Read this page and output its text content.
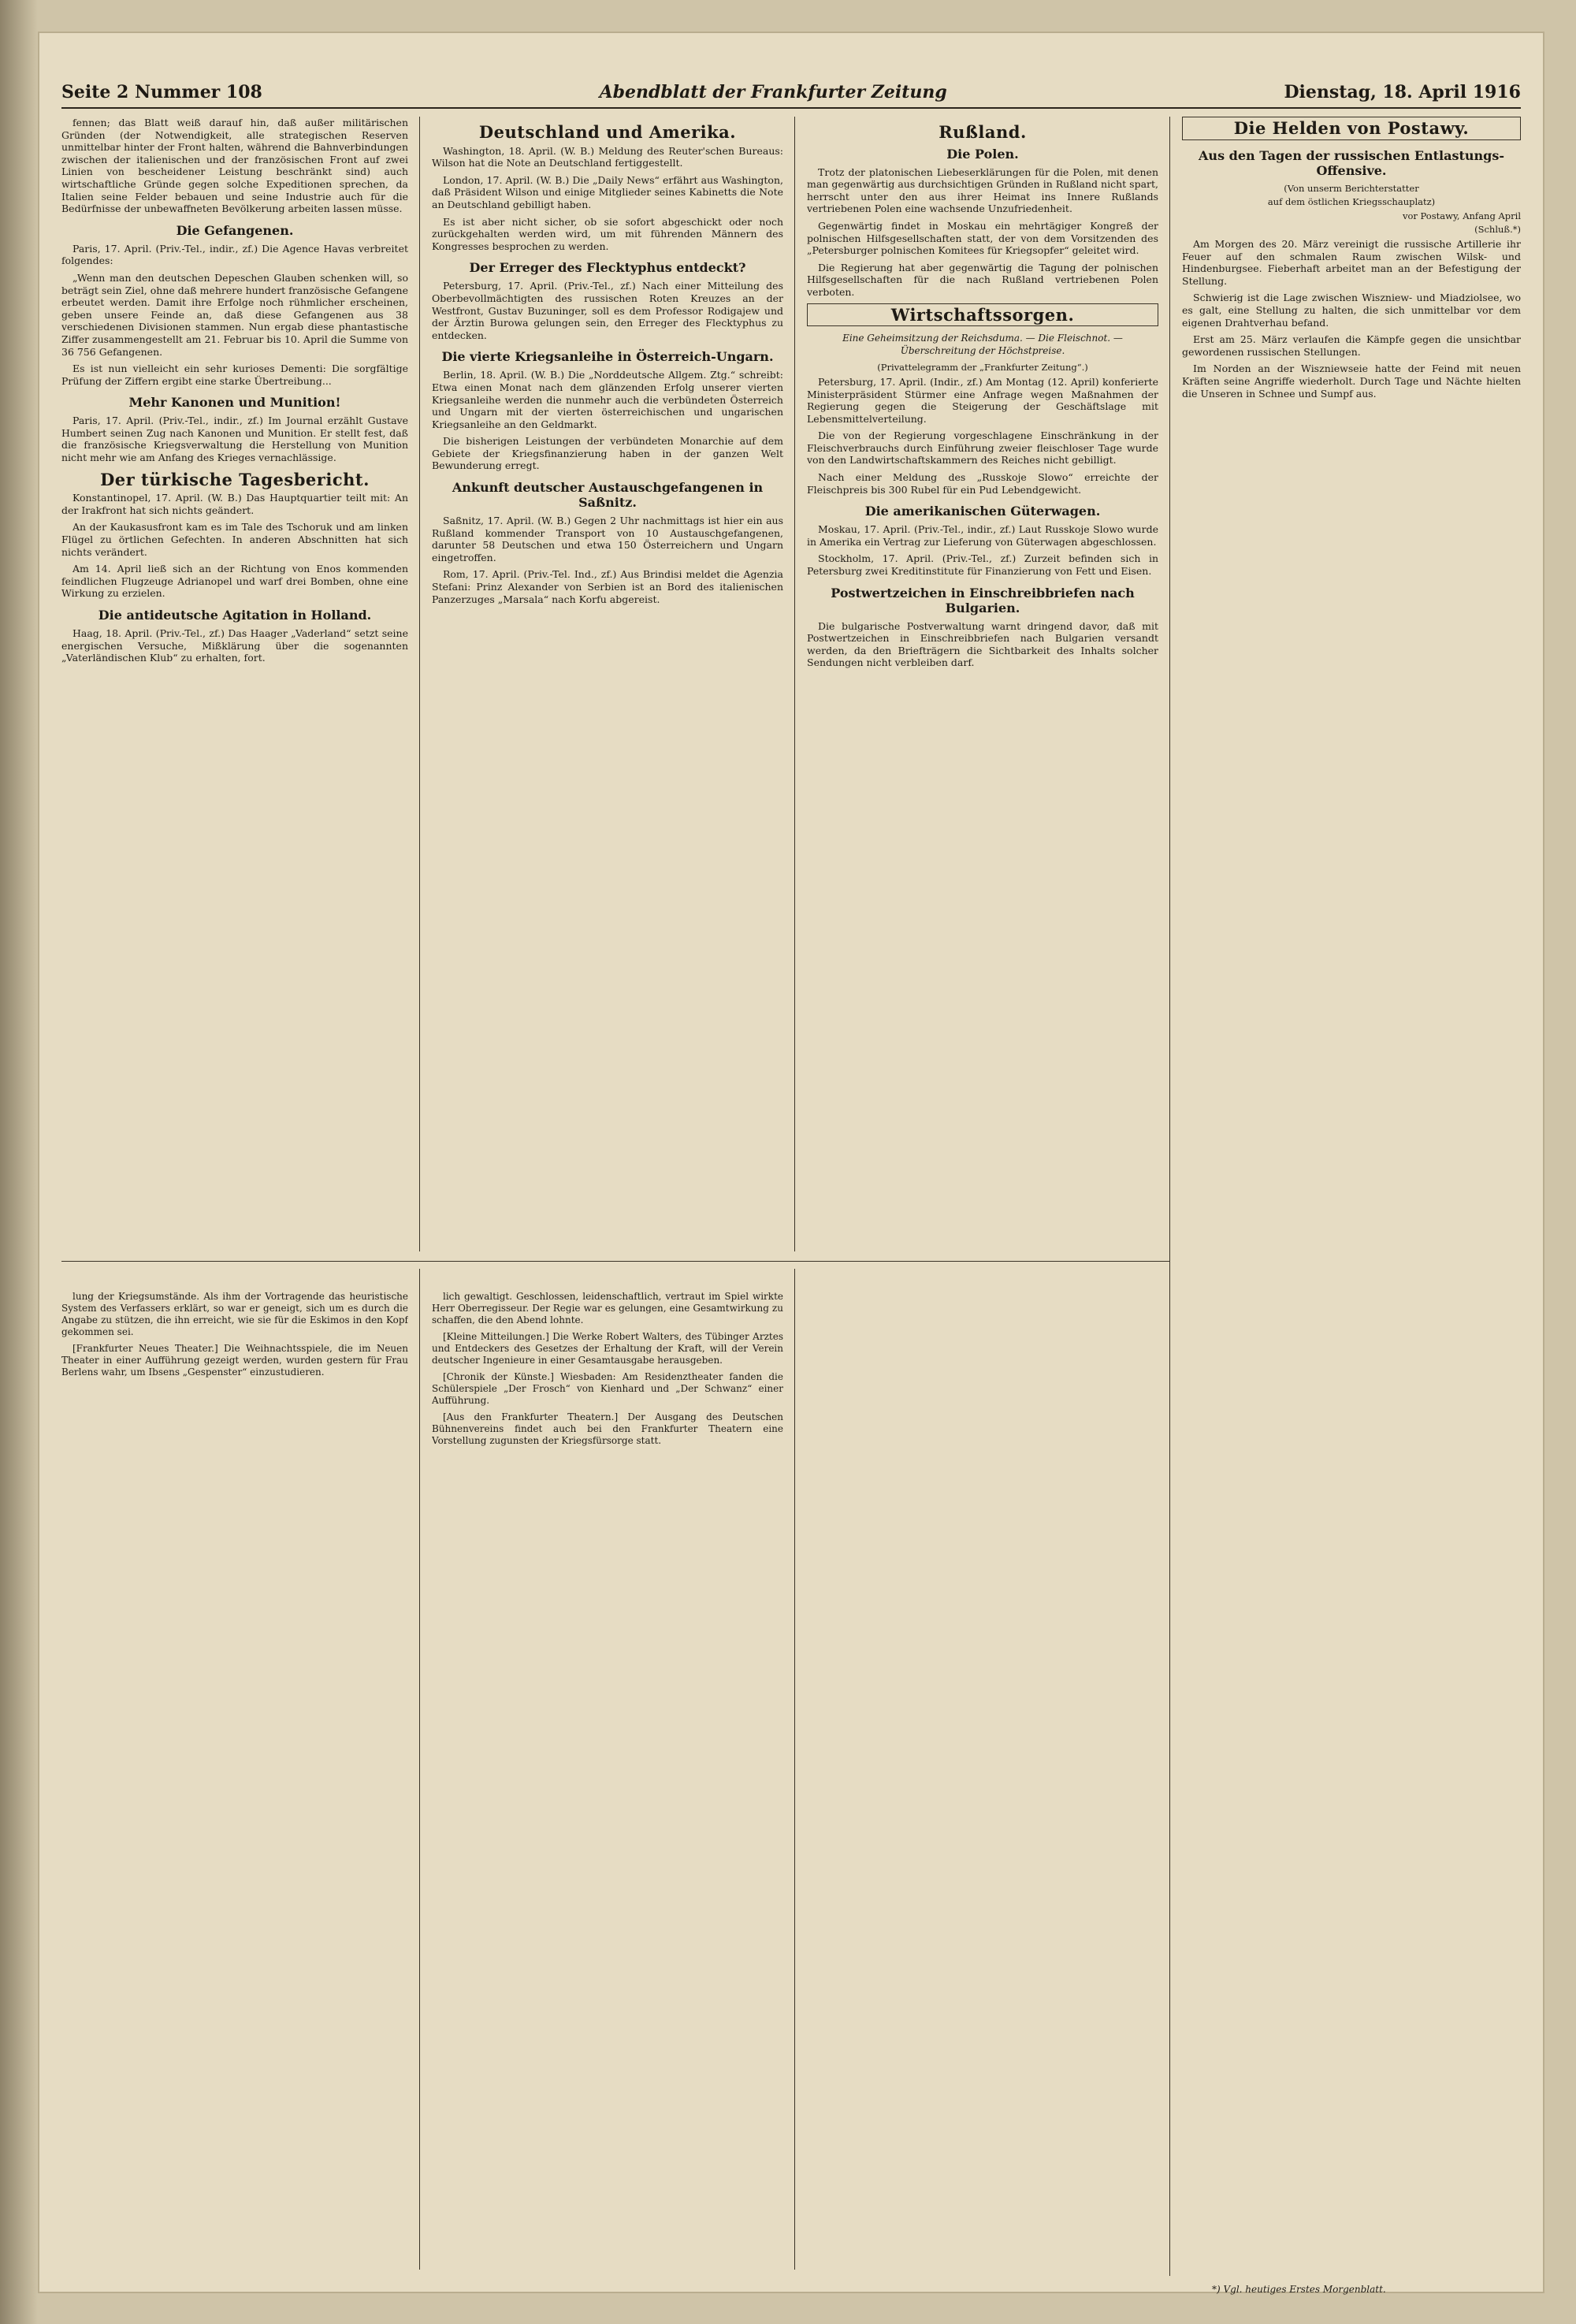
Seite 2 Nummer 108	Abendblatt der Frankfurter Zeitung	Dienstag, 18. April 1916

fennen; das Blatt weiß darauf hin, daß außer militärischen Gründen (der Notwendigkeit, alle strategischen Reserven unmittelbar hinter der Front halten, während die Bahnverbindungen zwischen der italienischen und der französischen Front auf zwei Linien von bescheidener Leistung beschränkt sind) auch wirtschaftliche Gründe gegen solche Expeditionen sprechen, da Italien seine Felder bebauen und seine Industrie auch für die Bedürfnisse der unbewaffneten Bevölkerung arbeiten lassen müsse.

Die Gefangenen.

Paris, 17. April. (Priv.-Tel., indir., zf.) Die Agence Havas verbreitet folgendes:

„Wenn man den deutschen Depeschen Glauben schenken will, so beträgt sein Ziel, ohne daß mehrere hundert französische Gefangene erbeutet werden. Damit ihre Erfolge noch rühmlicher erscheinen, geben unsere Feinde an, daß diese Gefangenen aus 38 verschiedenen Divisionen stammen. Nun ergab diese phantastische Ziffer zusammengestellt am 21. Februar bis 10. April die Summe von 36 756 Gefangenen.

Es ist nun vielleicht ein sehr kurioses Dementi: Die sorgfältige Prüfung der Ziffern ergibt eine starke Übertreibung...

Mehr Kanonen und Munition!

Paris, 17. April. (Priv.-Tel., indir., zf.) Im Journal erzählt Gustave Humbert seinen Zug nach Kanonen und Munition. Er stellt fest, daß die französische Kriegsverwaltung die Herstellung von Munition nicht mehr wie am Anfang des Krieges vernachlässige.

Der türkische Tagesbericht.

Konstantinopel, 17. April. (W. B.) Das Hauptquartier teilt mit: An der Irakfront hat sich nichts geändert.

An der Kaukasusfront kam es im Tale des Tschoruk und am linken Flügel zu örtlichen Gefechten. In anderen Abschnitten hat sich nichts verändert.

Am 14. April ließ sich an der Richtung von Enos kommenden feindlichen Flugzeuge Adrianopel und warf drei Bomben, ohne eine Wirkung zu erzielen.

Die antideutsche Agitation in Holland.

Haag, 18. April. (Priv.-Tel., zf.) Das Haager „Vaderland“ setzt seine energischen Versuche, Mißklärung über die sogenannten „Vaterländischen Klub“ zu erhalten, fort.

Deutschland und Amerika.

Washington, 18. April. (W. B.) Meldung des Reuter'schen Bureaus: Wilson hat die Note an Deutschland fertiggestellt.

London, 17. April. (W. B.) Die „Daily News“ erfährt aus Washington, daß Präsident Wilson und einige Mitglieder seines Kabinetts die Note an Deutschland gebilligt haben.

Es ist aber nicht sicher, ob sie sofort abgeschickt oder noch zurückgehalten werden wird, um mit führenden Männern des Kongresses besprochen zu werden.

Der Erreger des Flecktyphus entdeckt?

Petersburg, 17. April. (Priv.-Tel., zf.) Nach einer Mitteilung des Oberbevollmächtigten des russischen Roten Kreuzes an der Westfront, Gustav Buzuninger, soll es dem Professor Rodigajew und der Ärztin Burowa gelungen sein, den Erreger des Flecktyphus zu entdecken.

Die vierte Kriegsanleihe in Österreich-Ungarn.

Berlin, 18. April. (W. B.) Die „Norddeutsche Allgem. Ztg.“ schreibt: Etwa einen Monat nach dem glänzenden Erfolg unserer vierten Kriegsanleihe werden die nunmehr auch die verbündeten Österreich und Ungarn mit der vierten österreichischen und ungarischen Kriegsanleihe an den Geldmarkt.

Die bisherigen Leistungen der verbündeten Monarchie auf dem Gebiete der Kriegsfinanzierung haben in der ganzen Welt Bewunderung erregt.

Ankunft deutscher Austauschgefangenen in Saßnitz.

Saßnitz, 17. April. (W. B.) Gegen 2 Uhr nachmittags ist hier ein aus Rußland kommender Transport von 10 Austauschgefangenen, darunter 58 Deutschen und etwa 150 Österreichern und Ungarn eingetroffen.

Rom, 17. April. (Priv.-Tel. Ind., zf.) Aus Brindisi meldet die Agenzia Stefani: Prinz Alexander von Serbien ist an Bord des italienischen Panzerzuges „Marsala“ nach Korfu abgereist.

Rußland.
Die Polen.

Trotz der platonischen Liebeserklärungen für die Polen, mit denen man gegenwärtig aus durchsichtigen Gründen in Rußland nicht spart, herrscht unter den aus ihrer Heimat ins Innere Rußlands vertriebenen Polen eine wachsende Unzufriedenheit.

Gegenwärtig findet in Moskau ein mehrtägiger Kongreß der polnischen Hilfsgesellschaften statt, der von dem Vorsitzenden des „Petersburger polnischen Komitees für Kriegsopfer“ geleitet wird.

Die Regierung hat aber gegenwärtig die Tagung der polnischen Hilfsgesellschaften für die nach Rußland vertriebenen Polen verboten.

Wirtschaftssorgen.
Eine Geheimsitzung der Reichsduma. — Die Fleischnot. — Überschreitung der Höchstpreise.
(Privattelegramm der „Frankfurter Zeitung“.)

Petersburg, 17. April. (Indir., zf.) Am Montag (12. April) konferierte Ministerpräsident Stürmer eine Anfrage wegen Maßnahmen der Regierung gegen die Steigerung der Geschäftslage mit Lebensmittelverteilung.

Die von der Regierung vorgeschlagene Einschränkung in der Fleischverbrauchs durch Einführung zweier fleischloser Tage wurde von den Landwirtschaftskammern des Reiches nicht gebilligt.

Nach einer Meldung des „Russkoje Slowo“ erreichte der Fleischpreis bis 300 Rubel für ein Pud Lebendgewicht.

Die amerikanischen Güterwagen.

Moskau, 17. April. (Priv.-Tel., indir., zf.) Laut Russkoje Slowo wurde in Amerika ein Vertrag zur Lieferung von Güterwagen abgeschlossen.

Stockholm, 17. April. (Priv.-Tel., zf.) Zurzeit befinden sich in Petersburg zwei Kreditinstitute für Finanzierung von Fett und Eisen.

Postwertzeichen in Einschreibbriefen nach Bulgarien.

Die bulgarische Postverwaltung warnt dringend davor, daß mit Postwertzeichen in Einschreibbriefen nach Bulgarien versandt werden, da den Briefträgern die Sichtbarkeit des Inhalts solcher Sendungen nicht verbleiben darf.

Die Helden von Postawy.
Aus den Tagen der russischen Entlastungs-Offensive.
(Von unserm Berichterstatter
auf dem östlichen Kriegsschauplatz)
vor Postawy, Anfang April
(Schluß.*)

Am Morgen des 20. März vereinigt die russische Artillerie ihr Feuer auf den schmalen Raum zwischen Wilsk- und Hindenburgsee. Fieberhaft arbeitet man an der Befestigung der Stellung.

Schwierig ist die Lage zwischen Wiszniew- und Miadziolsee, wo es galt, eine Stellung zu halten, die sich unmittelbar vor dem eigenen Drahtverhau befand.

Erst am 25. März verlaufen die Kämpfe gegen die unsichtbar gewordenen russischen Stellungen.

Im Norden an der Wiszniewseie hatte der Feind mit neuen Kräften seine Angriffe wiederholt. Durch Tage und Nächte hielten die Unseren in Schnee und Sumpf aus.

lung der Kriegsumstände. Als ihm der Vortragende das heuristische System des Verfassers erklärt, so war er geneigt, sich um es durch die Angabe zu stützen, die ihn erreicht, wie sie für die Eskimos in den Kopf gekommen sei.

[Frankfurter Neues Theater.] Die Weihnachtsspiele, die im Neuen Theater in einer Aufführung gezeigt werden, wurden gestern für Frau Berlens wahr, um Ibsens „Gespenster“ einzustudieren.

lich gewaltigt. Geschlossen, leidenschaftlich, vertraut im Spiel wirkte Herr Oberregisseur. Der Regie war es gelungen, eine Gesamtwirkung zu schaffen, die den Abend lohnte.

[Kleine Mitteilungen.] Die Werke Robert Walters, des Tübinger Arztes und Entdeckers des Gesetzes der Erhaltung der Kraft, will der Verein deutscher Ingenieure in einer Gesamtausgabe herausgeben.

[Chronik der Künste.] Wiesbaden: Am Residenztheater fanden die Schülerspiele „Der Frosch“ von Kienhard und „Der Schwanz“ einer Aufführung.

[Aus den Frankfurter Theatern.] Der Ausgang des Deutschen Bühnenvereins findet auch bei den Frankfurter Theatern eine Vorstellung zugunsten der Kriegsfürsorge statt.

*) Vgl. heutiges Erstes Morgenblatt.
